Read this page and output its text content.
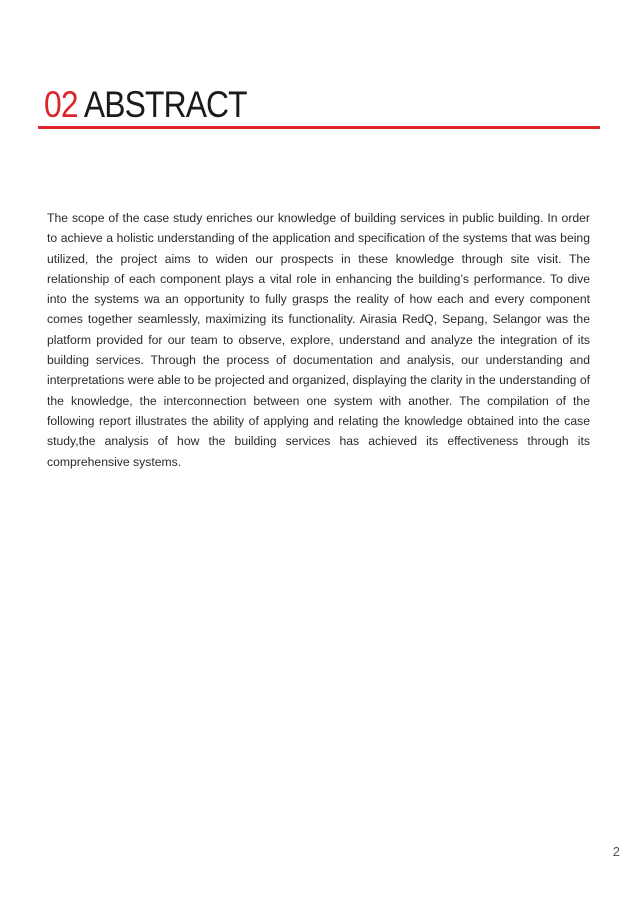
02 ABSTRACT

The scope of the case study enriches our knowledge of building services in public building. In order to achieve a holistic understanding of the application and specification of the systems that was being utilized, the project aims to widen our prospects in these knowledge through site visit. The relationship of each component plays a vital role in enhancing the building’s performance. To dive into the systems wa an opportunity to fully grasps the reality of how each and every component comes together seamlessly, maximizing its functionality. Airasia RedQ, Sepang, Selangor was the platform provided for our team to observe, explore, understand and analyze the integration of its building services. Through the process of documentation and analysis, our understanding and interpretations were able to be projected and organized, displaying the clarity in the understanding of the knowledge, the interconnection between one system with another. The compilation of the following report illustrates the ability of applying and relating the knowledge obtained into the case study,the analysis of how the building services has achieved its effectiveness through its comprehensive systems.

2
